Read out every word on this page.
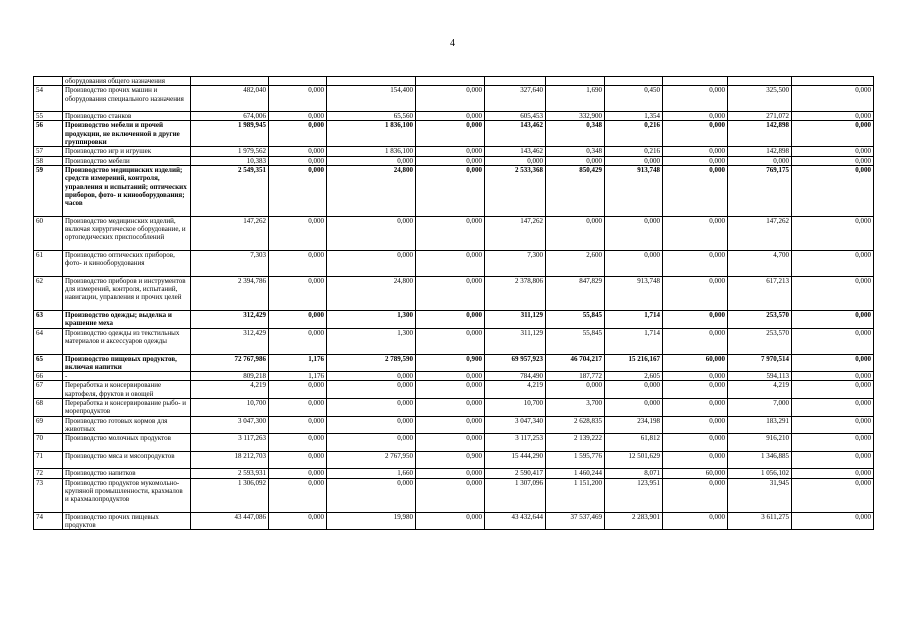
4
	оборудования общего назначения										
54	Производство прочих машин и оборудования специального назначения	482,040	0,000	154,400	0,000	327,640	1,690	0,450	0,000	325,500	0,000
55	Производство станков	674,006	0,000	65,560	0,000	605,453	332,900	1,354	0,000	271,072	0,000
56	Производство мебели и прочей продукции, не включенной в другие группировки	1 989,945	0,000	1 836,100	0,000	143,462	0,348	0,216	0,000	142,898	0,000
57	Производство игр и игрушек	1 979,562	0,000	1 836,100	0,000	143,462	0,348	0,216	0,000	142,898	0,000
58	Производство мебели	10,383	0,000	0,000	0,000	0,000	0,000	0,000	0,000	0,000	0,000
59	Производство медицинских изделий; средств измерений, контроля, управления и испытаний; оптических приборов, фото- и кинооборудования; часов	2 549,351	0,000	24,800	0,000	2 533,368	850,429	913,748	0,000	769,175	0,000
60	Производство медицинских изделий, включая хирургическое оборудование, и ортопедических приспособлений	147,262	0,000	0,000	0,000	147,262	0,000	0,000	0,000	147,262	0,000
61	Производство оптических приборов, фото- и кинооборудования	7,303	0,000	0,000	0,000	7,300	2,600	0,000	0,000	4,700	0,000
62	Производство приборов и инструментов для измерений, контроля, испытаний, навигации, управления и прочих целей	2 394,786	0,000	24,800	0,000	2 378,806	847,829	913,748	0,000	617,213	0,000
63	Производство одежды; выделка и крашение меха	312,429	0,000	1,300	0,000	311,129	55,845	1,714	0,000	253,570	0,000
64	Производство одежды из текстильных материалов и аксессуаров одежды	312,429	0,000	1,300	0,000	311,129	55,845	1,714	0,000	253,570	0,000
65	Производство пищевых продуктов, включая напитки	72 767,986	1,176	2 789,590	0,900	69 957,923	46 704,217	15 216,167	60,000	7 970,514	0,000
66	-	809,218	1,176	0,000	0,000	784,490	187,772	2,605	0,000	594,113	0,000
67	Переработка и консервирование картофеля, фруктов и овощей	4,219	0,000	0,000	0,000	4,219	0,000	0,000	0,000	4,219	0,000
68	Переработка и консервирование рыбо- и морепродуктов	10,700	0,000	0,000	0,000	10,700	3,700	0,000	0,000	7,000	0,000
69	Производство готовых кормов для животных	3 047,300	0,000	0,000	0,000	3 047,340	2 628,835	234,198	0,000	183,291	0,000
70	Производство молочных продуктов	3 117,263	0,000	0,000	0,000	3 117,253	2 139,222	61,812	0,000	916,210	0,000
71	Производство мяса и мясопродуктов	18 212,703	0,000	2 767,950	0,900	15 444,290	1 595,776	12 501,629	0,000	1 346,885	0,000
72	Производство напитков	2 593,931	0,000	1,660	0,000	2 590,417	1 460,244	8,071	60,000	1 056,102	0,000
73	Производство продуктов мукомольно-крупяной промышленности, крахмалов и крахмалопродуктов	1 306,092	0,000	0,000	0,000	1 307,096	1 151,200	123,951	0,000	31,945	0,000
74	Производство прочих пищевых продуктов	43 447,086	0,000	19,980	0,000	43 432,644	37 537,469	2 283,901	0,000	3 611,275	0,000
